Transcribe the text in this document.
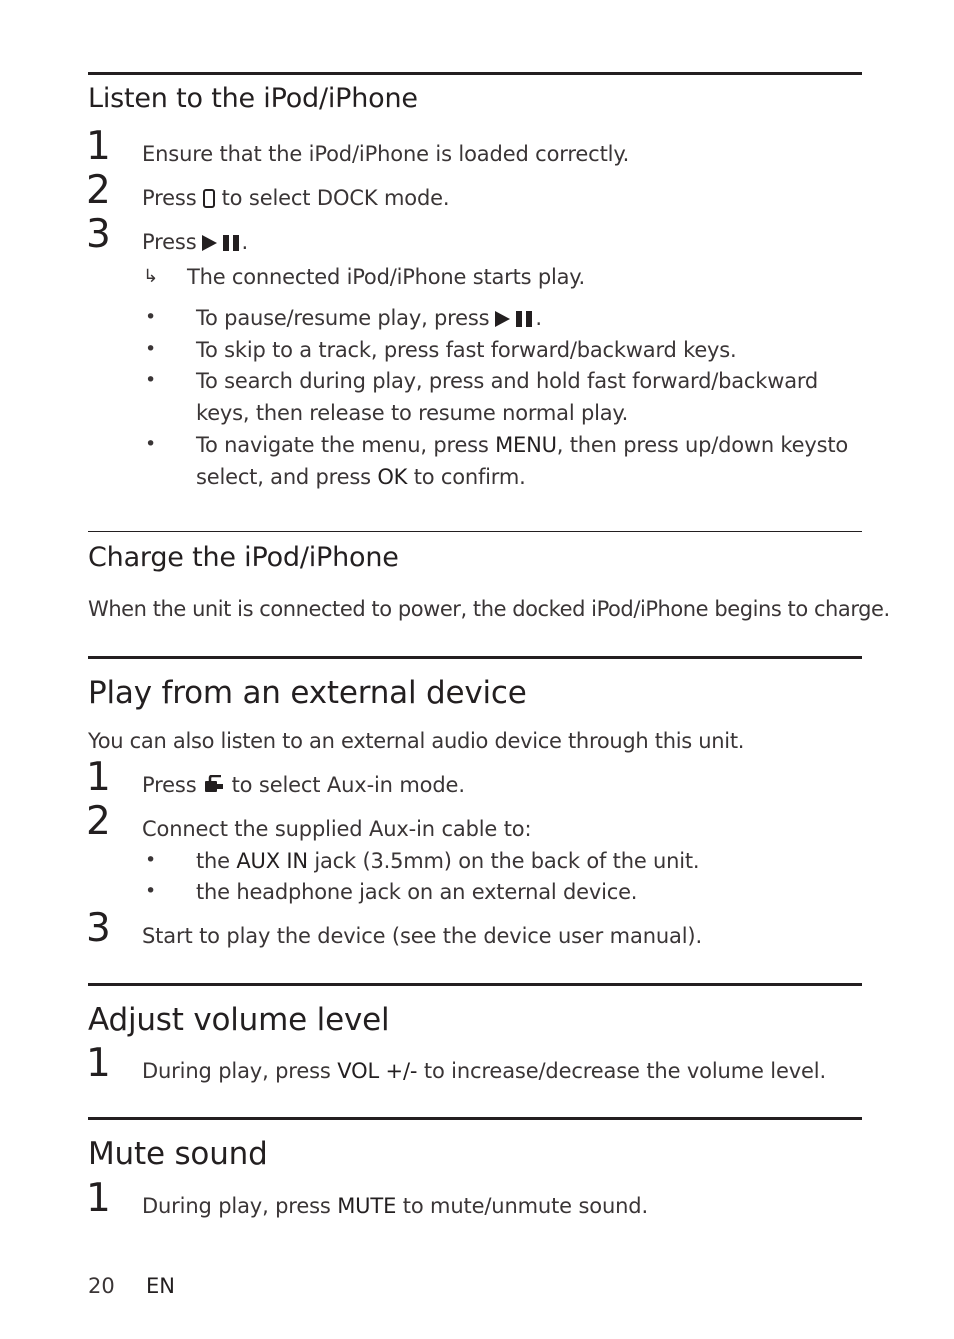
Listen to the iPod/iPhone
1 Ensure that the iPod/iPhone is loaded correctly.
2 Press to select DOCK mode.
3 Press .
↳ The connected iPod/iPhone starts play.
• To pause/resume play, press .
• To skip to a track, press fast forward/backward keys.
• To search during play, press and hold fast forward/backward
keys, then release to resume normal play.
• To navigate the menu, press MENU, then press up/down keysto
select, and press OK to confirm.
Charge the iPod/iPhone
When the unit is connected to power, the docked iPod/iPhone begins to charge.
Play from an external device
You can also listen to an external audio device through this unit.
1 Press to select Aux-in mode.
2 Connect the supplied Aux-in cable to:
• the AUX IN jack (3.5mm) on the back of the unit.
• the headphone jack on an external device.
3 Start to play the device (see the device user manual).
Adjust volume level
1 During play, press VOL +/- to increase/decrease the volume level.
Mute sound
1 During play, press MUTE to mute/unmute sound.
20 EN
